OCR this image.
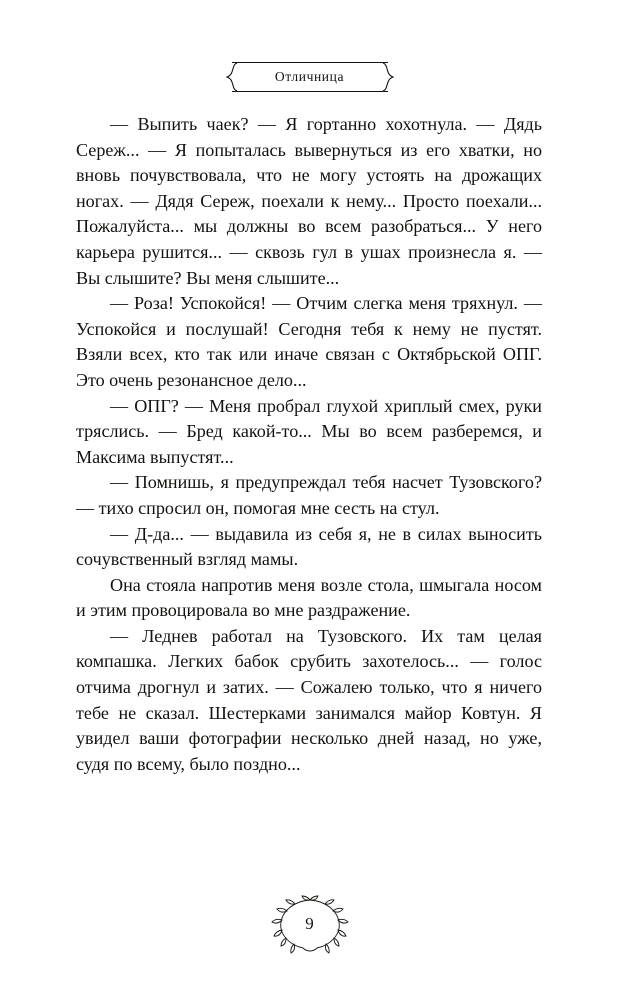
Отличница

— Выпить чаек? — Я гортанно хохотнула. — Дядь Сереж... — Я попыталась вывернуться из его хватки, но вновь почувствовала, что не могу устоять на дрожащих ногах. — Дядя Сереж, поехали к нему... Просто поехали... Пожалуйста... мы должны во всем разобраться... У него карьера рушится... — сквозь гул в ушах произнесла я. — Вы слышите? Вы меня слышите...

— Роза! Успокойся! — Отчим слегка меня тряхнул. — Успокойся и послушай! Сегодня тебя к нему не пустят. Взяли всех, кто так или иначе связан с Октябрьской ОПГ. Это очень резонансное дело...

— ОПГ? — Меня пробрал глухой хриплый смех, руки тряслись. — Бред какой-то... Мы во всем разберемся, и Максима выпустят...

— Помнишь, я предупреждал тебя насчет Тузовского? — тихо спросил он, помогая мне сесть на стул.

— Д-да... — выдавила из себя я, не в силах выносить сочувственный взгляд мамы.

Она стояла напротив меня возле стола, шмыгала носом и этим провоцировала во мне раздражение.

— Леднев работал на Тузовского. Их там целая компашка. Легких бабок срубить захотелось... — голос отчима дрогнул и затих. — Сожалею только, что я ничего тебе не сказал. Шестерками занимался майор Ковтун. Я увидел ваши фотографии несколько дней назад, но уже, судя по всему, было поздно...

9
